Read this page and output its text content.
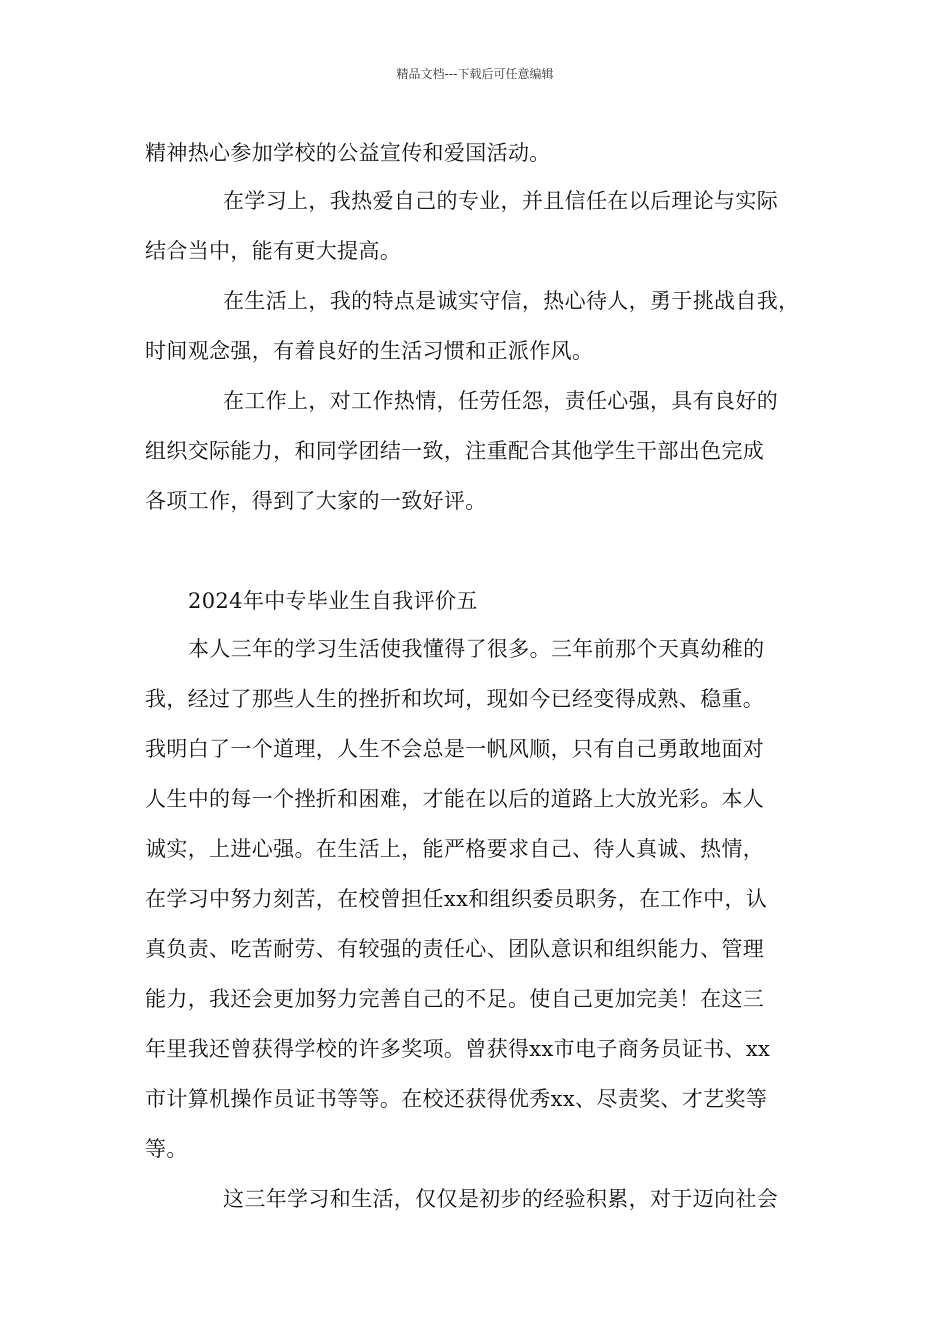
精品文档---下载后可任意编辑
精神热心参加学校的公益宣传和爱国活动。
在学习上，我热爱自己的专业，并且信任在以后理论与实际
结合当中，能有更大提高。
在生活上，我的特点是诚实守信，热心待人，勇于挑战自我，
时间观念强，有着良好的生活习惯和正派作风。
在工作上，对工作热情，任劳任怨，责任心强，具有良好的
组织交际能力，和同学团结一致，注重配合其他学生干部出色完成
各项工作，得到了大家的一致好评。
2024年中专毕业生自我评价五
本人三年的学习生活使我懂得了很多。三年前那个天真幼稚的
我，经过了那些人生的挫折和坎坷，现如今已经变得成熟、稳重。
我明白了一个道理，人生不会总是一帆风顺，只有自己勇敢地面对
人生中的每一个挫折和困难，才能在以后的道路上大放光彩。本人
诚实，上进心强。在生活上，能严格要求自己、待人真诚、热情，
在学习中努力刻苦，在校曾担任xx和组织委员职务，在工作中，认
真负责、吃苦耐劳、有较强的责任心、团队意识和组织能力、管理
能力，我还会更加努力完善自己的不足。使自己更加完美！在这三
年里我还曾获得学校的许多奖项。曾获得xx市电子商务员证书、xx
市计算机操作员证书等等。在校还获得优秀xx、尽责奖、才艺奖等
等。
这三年学习和生活，仅仅是初步的经验积累，对于迈向社会
